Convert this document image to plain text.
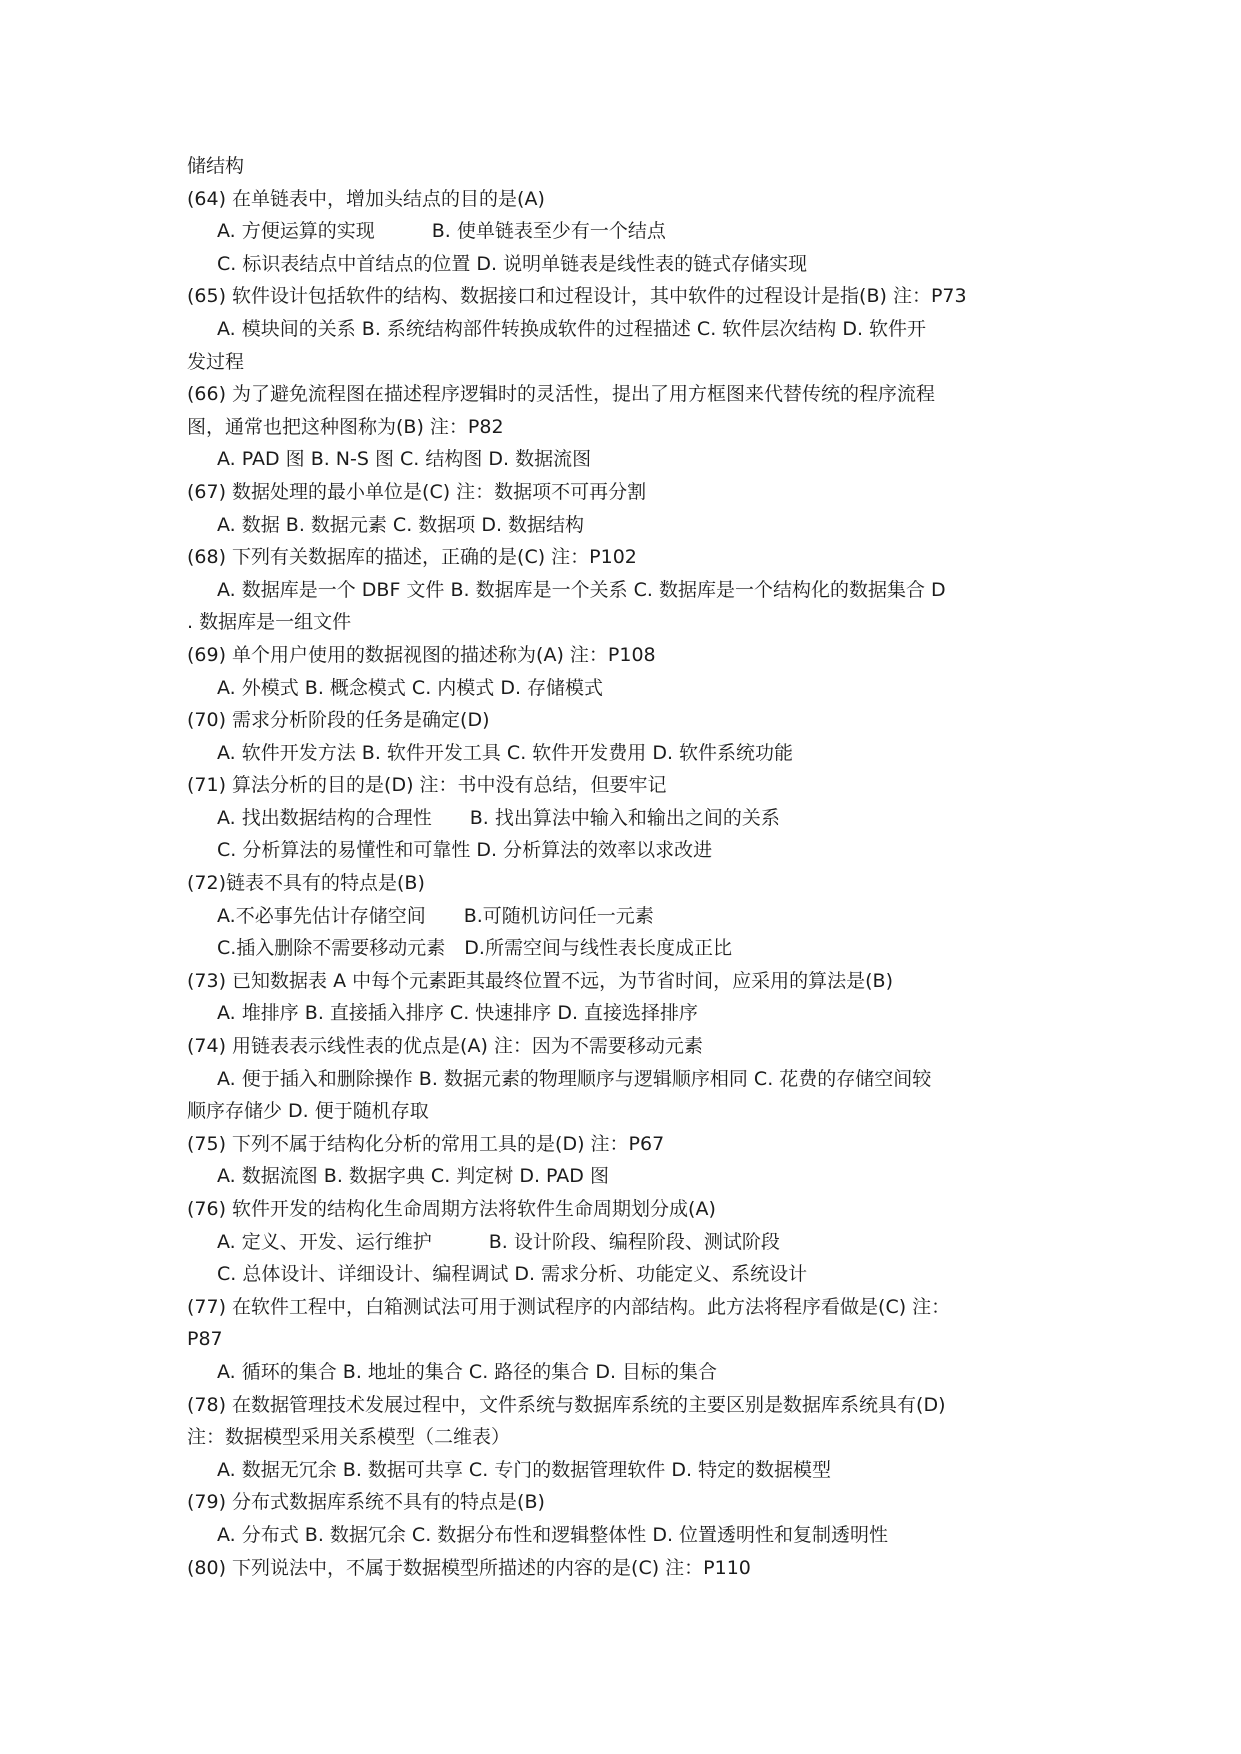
储结构
(64) 在单链表中，增加头结点的目的是(A)
A. 方便运算的实现　　　B. 使单链表至少有一个结点
C. 标识表结点中首结点的位置 D. 说明单链表是线性表的链式存储实现
(65) 软件设计包括软件的结构、数据接口和过程设计，其中软件的过程设计是指(B) 注：P73
A. 模块间的关系 B. 系统结构部件转换成软件的过程描述 C. 软件层次结构 D. 软件开
发过程
(66) 为了避免流程图在描述程序逻辑时的灵活性，提出了用方框图来代替传统的程序流程
图，通常也把这种图称为(B) 注：P82
A. PAD 图 B. N-S 图 C. 结构图 D. 数据流图
(67) 数据处理的最小单位是(C) 注：数据项不可再分割
A. 数据 B. 数据元素 C. 数据项 D. 数据结构
(68) 下列有关数据库的描述，正确的是(C) 注：P102
A. 数据库是一个 DBF 文件 B. 数据库是一个关系 C. 数据库是一个结构化的数据集合 D
. 数据库是一组文件
(69) 单个用户使用的数据视图的描述称为(A) 注：P108
A. 外模式 B. 概念模式 C. 内模式 D. 存储模式
(70) 需求分析阶段的任务是确定(D)
A. 软件开发方法 B. 软件开发工具 C. 软件开发费用 D. 软件系统功能
(71) 算法分析的目的是(D) 注：书中没有总结，但要牢记
A. 找出数据结构的合理性　　B. 找出算法中输入和输出之间的关系
C. 分析算法的易懂性和可靠性 D. 分析算法的效率以求改进
(72)链表不具有的特点是(B)
A.不必事先估计存储空间　　B.可随机访问任一元素
C.插入删除不需要移动元素　D.所需空间与线性表长度成正比
(73) 已知数据表 A 中每个元素距其最终位置不远，为节省时间，应采用的算法是(B)
A. 堆排序 B. 直接插入排序 C. 快速排序 D. 直接选择排序
(74) 用链表表示线性表的优点是(A) 注：因为不需要移动元素
A. 便于插入和删除操作 B. 数据元素的物理顺序与逻辑顺序相同 C. 花费的存储空间较
顺序存储少 D. 便于随机存取
(75) 下列不属于结构化分析的常用工具的是(D) 注：P67
A. 数据流图 B. 数据字典 C. 判定树 D. PAD 图
(76) 软件开发的结构化生命周期方法将软件生命周期划分成(A)
A. 定义、开发、运行维护　　　B. 设计阶段、编程阶段、测试阶段
C. 总体设计、详细设计、编程调试 D. 需求分析、功能定义、系统设计
(77) 在软件工程中，白箱测试法可用于测试程序的内部结构。此方法将程序看做是(C) 注：
P87
A. 循环的集合 B. 地址的集合 C. 路径的集合 D. 目标的集合
(78) 在数据管理技术发展过程中，文件系统与数据库系统的主要区别是数据库系统具有(D)
注：数据模型采用关系模型（二维表）
A. 数据无冗余 B. 数据可共享 C. 专门的数据管理软件 D. 特定的数据模型
(79) 分布式数据库系统不具有的特点是(B)
A. 分布式 B. 数据冗余 C. 数据分布性和逻辑整体性 D. 位置透明性和复制透明性
(80) 下列说法中，不属于数据模型所描述的内容的是(C) 注：P110
